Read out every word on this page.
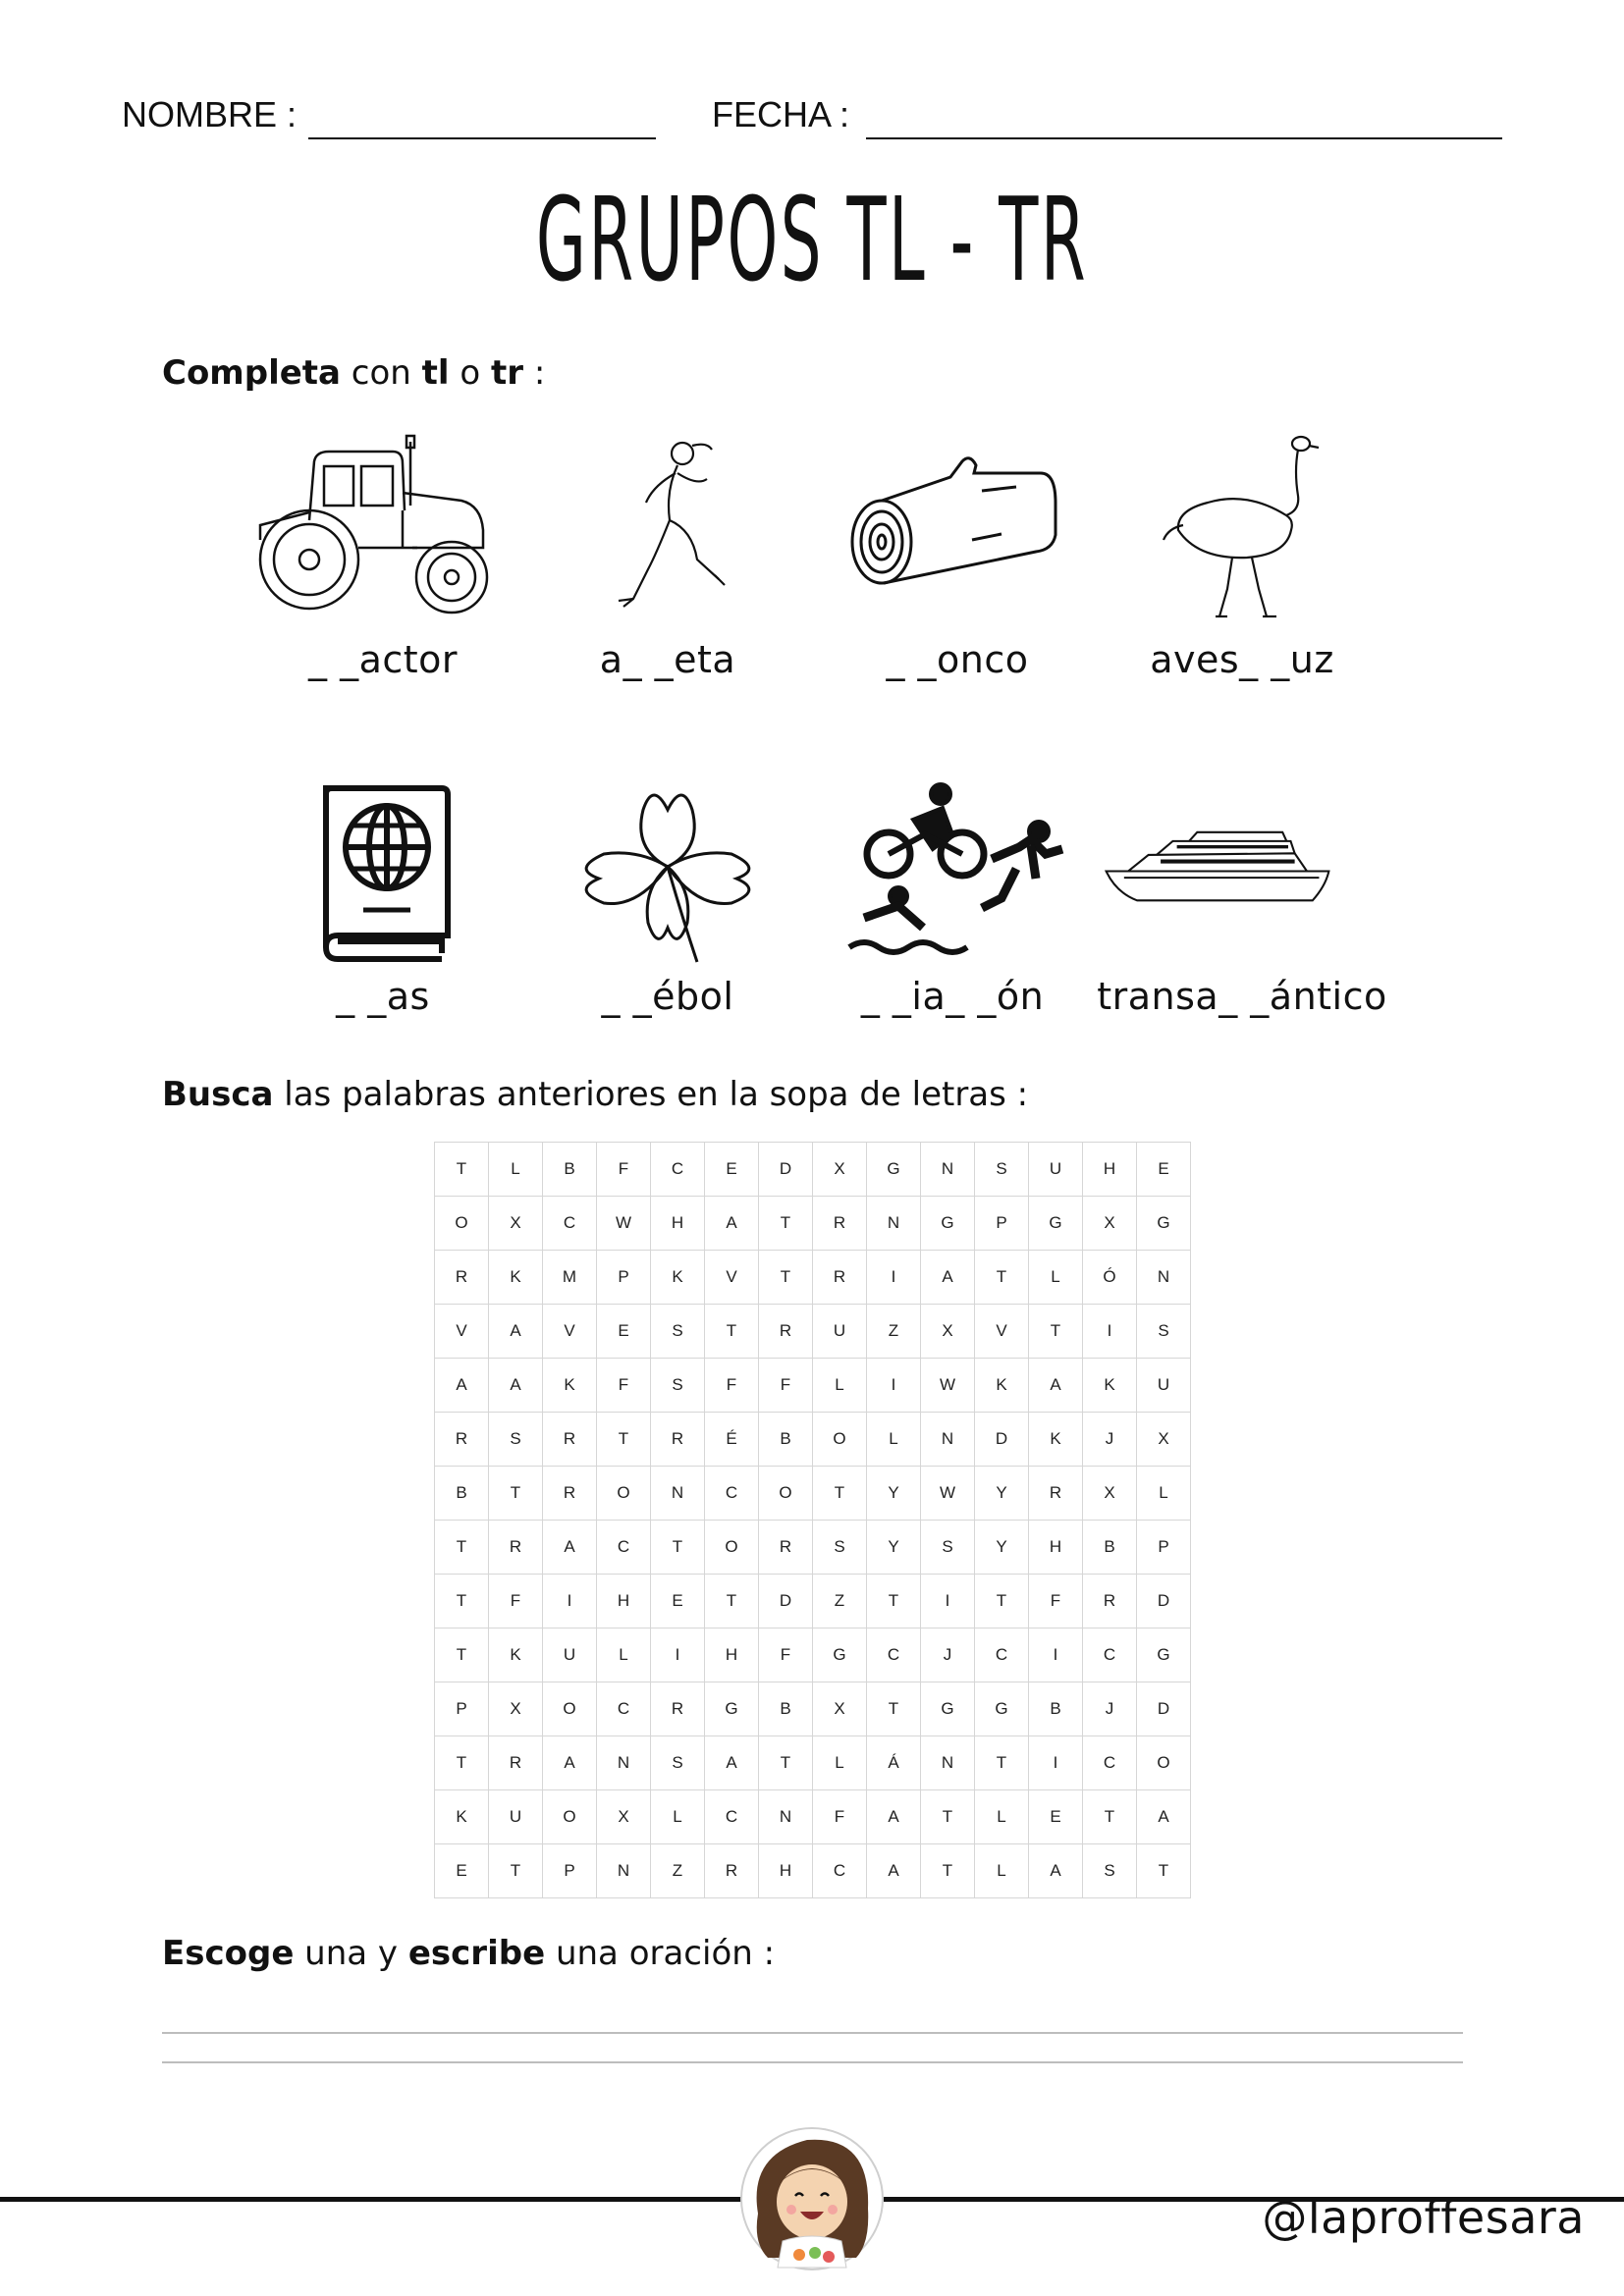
NOMBRE :	FECHA :
GRUPOS TL - TR
Completa con tl o tr :
_ _actor	a_ _eta	_ _onco	aves_ _uz
_ _as	_ _ébol	_ _ia_ _ón	transa_ _ántico
Busca las palabras anteriores en la sopa de letras :
T	L	B	F	C	E	D	X	G	N	S	U	H	E
O	X	C	W	H	A	T	R	N	G	P	G	X	G
R	K	M	P	K	V	T	R	I	A	T	L	Ó	N
V	A	V	E	S	T	R	U	Z	X	V	T	I	S
A	A	K	F	S	F	F	L	I	W	K	A	K	U
R	S	R	T	R	É	B	O	L	N	D	K	J	X
B	T	R	O	N	C	O	T	Y	W	Y	R	X	L
T	R	A	C	T	O	R	S	Y	S	Y	H	B	P
T	F	I	H	E	T	D	Z	T	I	T	F	R	D
T	K	U	L	I	H	F	G	C	J	C	I	C	G
P	X	O	C	R	G	B	X	T	G	G	B	J	D
T	R	A	N	S	A	T	L	Á	N	T	I	C	O
K	U	O	X	L	C	N	F	A	T	L	E	T	A
E	T	P	N	Z	R	H	C	A	T	L	A	S	T
Escoge una y escribe una oración :
@laproffesara
